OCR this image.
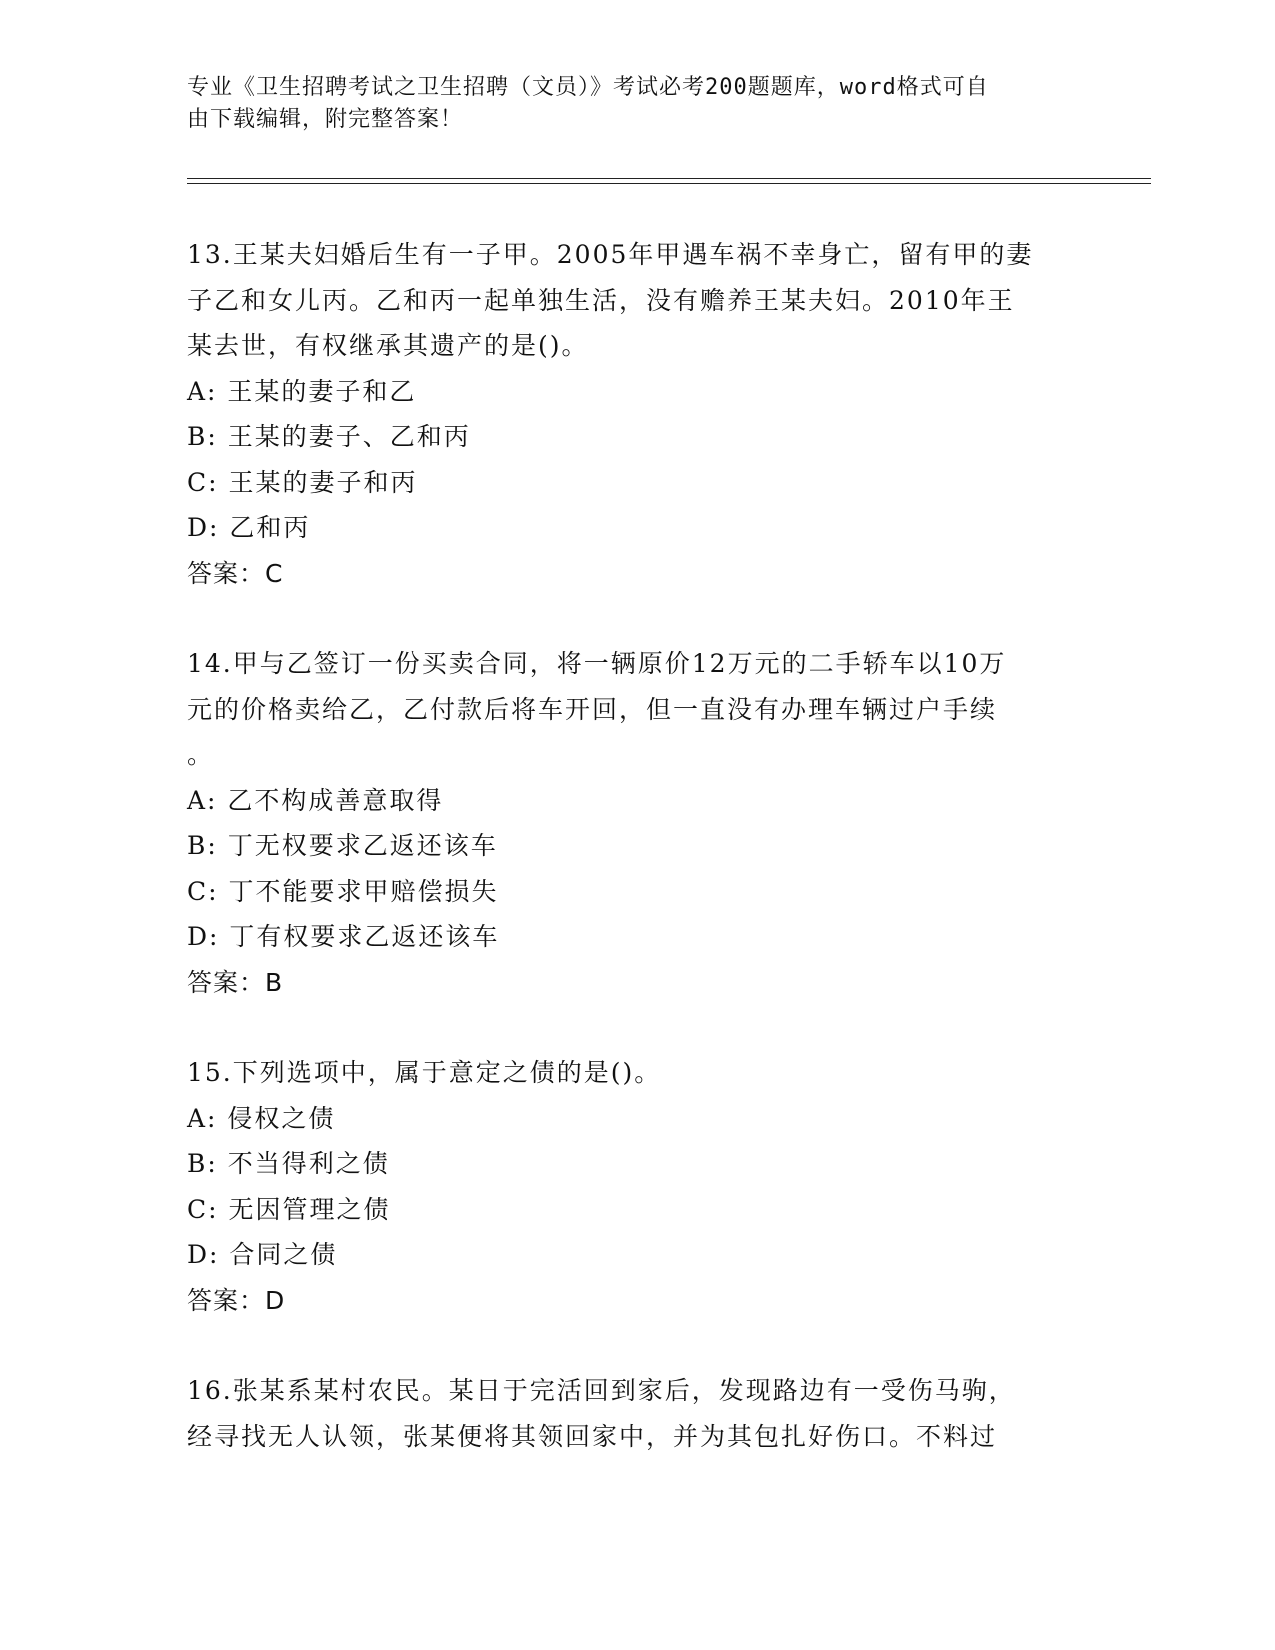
专业《卫生招聘考试之卫生招聘（文员）》考试必考200题题库，word格式可自
由下载编辑，附完整答案！

13.王某夫妇婚后生有一子甲。2005年甲遇车祸不幸身亡，留有甲的妻

子乙和女儿丙。乙和丙一起单独生活，没有赡养王某夫妇。2010年王

某去世，有权继承其遗产的是()。

A: 王某的妻子和乙

B: 王某的妻子、乙和丙

C: 王某的妻子和丙

D: 乙和丙

答案：C

14.甲与乙签订一份买卖合同，将一辆原价12万元的二手轿车以10万

元的价格卖给乙，乙付款后将车开回，但一直没有办理车辆过户手续

。

A: 乙不构成善意取得

B: 丁无权要求乙返还该车

C: 丁不能要求甲赔偿损失

D: 丁有权要求乙返还该车

答案：B

15.下列选项中，属于意定之债的是()。

A: 侵权之债

B: 不当得利之债

C: 无因管理之债

D: 合同之债

答案：D

16.张某系某村农民。某日于完活回到家后，发现路边有一受伤马驹，

经寻找无人认领，张某便将其领回家中，并为其包扎好伤口。不料过
